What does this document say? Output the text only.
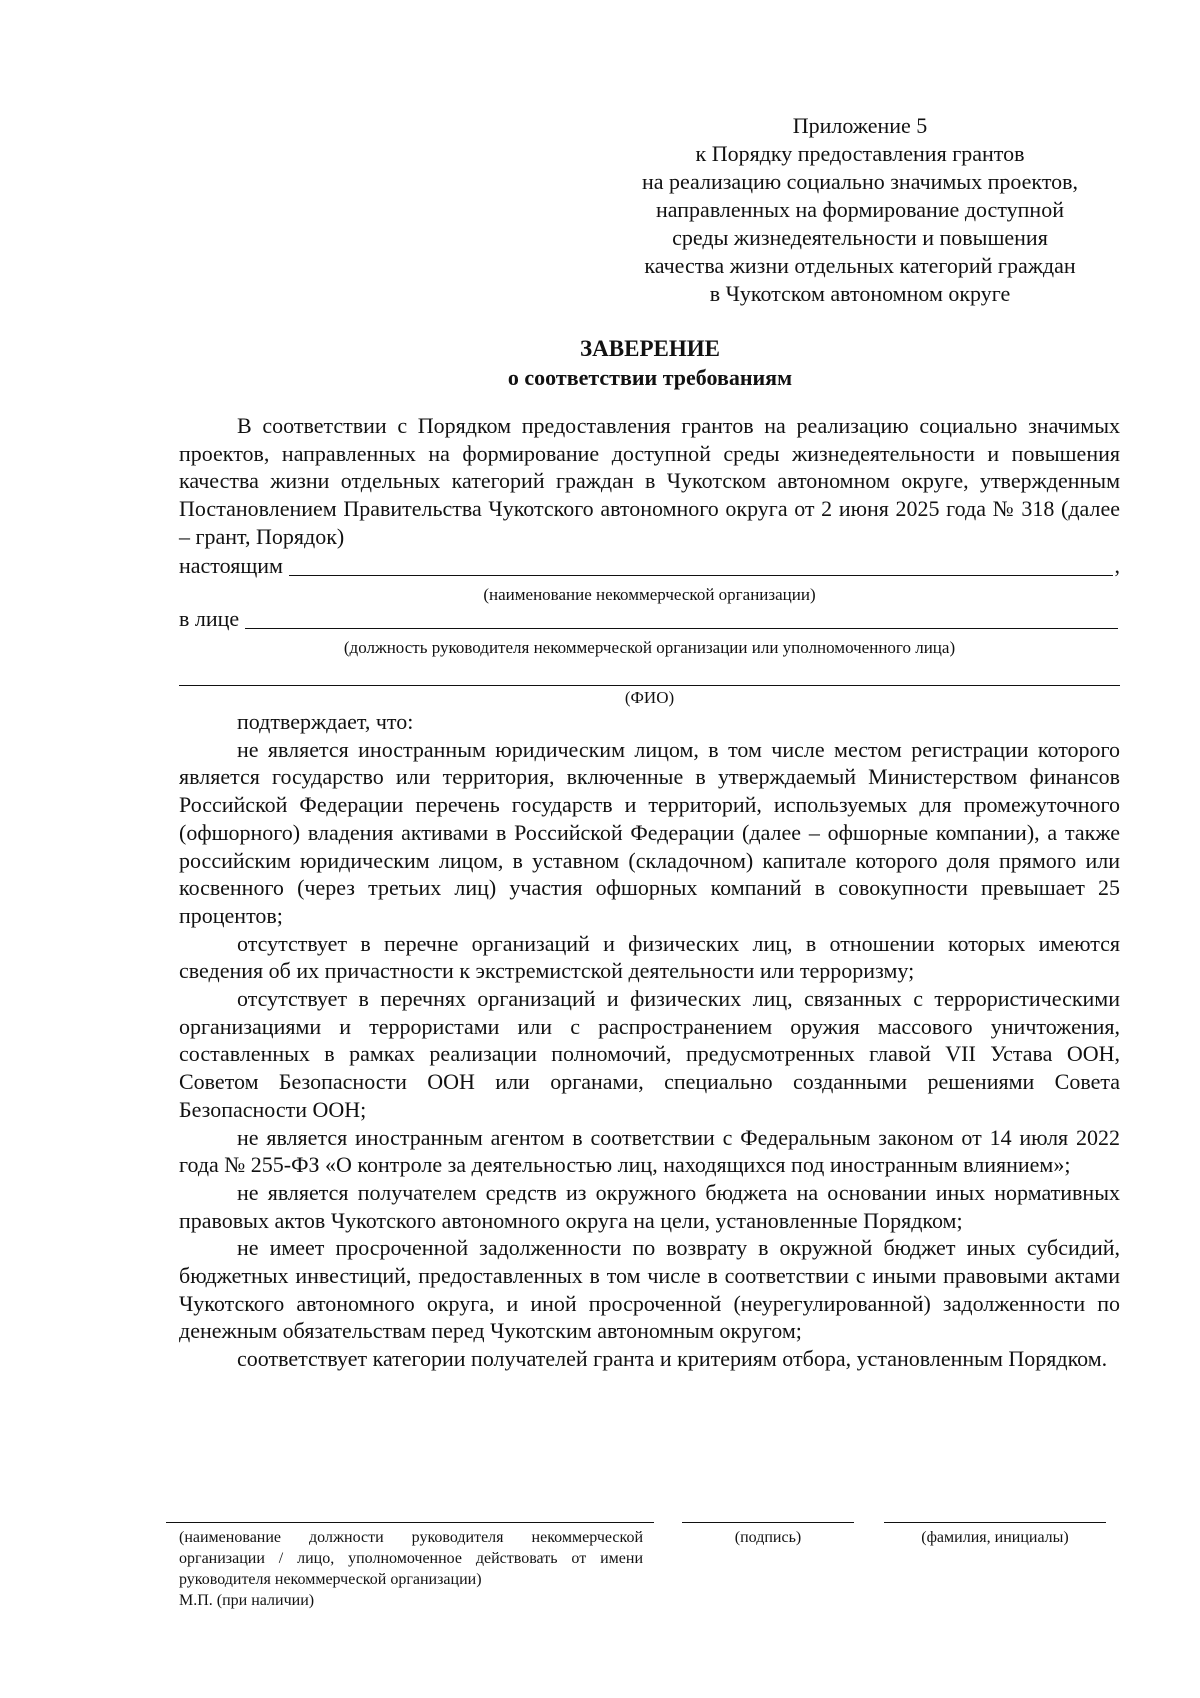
Приложение 5
к Порядку предоставления грантов
на реализацию социально значимых проектов,
направленных на формирование доступной
среды жизнедеятельности и повышения
качества жизни отдельных категорий граждан
в Чукотском автономном округе
ЗАВЕРЕНИЕ
о соответствии требованиям

В соответствии с Порядком предоставления грантов на реализацию социально значимых проектов, направленных на формирование доступной среды жизнедеятельности и повышения качества жизни отдельных категорий граждан в Чукотском автономном округе, утвержденным Постановлением Правительства Чукотского автономного округа от 2 июня 2025 года № 318 (далее – грант, Порядок)

настоящим	,
(наименование некоммерческой организации)
в лице
(должность руководителя некоммерческой организации или уполномоченного лица)
(ФИО)

подтверждает, что:

не является иностранным юридическим лицом, в том числе местом регистрации которого является государство или территория, включенные в утверждаемый Министерством финансов Российской Федерации перечень государств и территорий, используемых для промежуточного (офшорного) владения активами в Российской Федерации (далее – офшорные компании), а также российским юридическим лицом, в уставном (складочном) капитале которого доля прямого или косвенного (через третьих лиц) участия офшорных компаний в совокупности превышает 25 процентов;

отсутствует в перечне организаций и физических лиц, в отношении которых имеются сведения об их причастности к экстремистской деятельности или терроризму;

отсутствует в перечнях организаций и физических лиц, связанных с террористическими организациями и террористами или с распространением оружия массового уничтожения, составленных в рамках реализации полномочий, предусмотренных главой VII Устава ООН, Советом Безопасности ООН или органами, специально созданными решениями Совета Безопасности ООН;

не является иностранным агентом в соответствии с Федеральным законом от 14 июля 2022 года № 255-ФЗ «О контроле за деятельностью лиц, находящихся под иностранным влиянием»;

не является получателем средств из окружного бюджета на основании иных нормативных правовых актов Чукотского автономного округа на цели, установленные Порядком;

не имеет просроченной задолженности по возврату в окружной бюджет иных субсидий, бюджетных инвестиций, предоставленных в том числе в соответствии с иными правовыми актами Чукотского автономного округа, и иной просроченной (неурегулированной) задолженности по денежным обязательствам перед Чукотским автономным округом;

соответствует категории получателей гранта и критериям отбора, установленным Порядком.

(наименование должности руководителя некоммерческой организации / лицо, уполномоченное действовать от имени руководителя некоммерческой организации)
М.П. (при наличии)
(подпись)	(фамилия, инициалы)
